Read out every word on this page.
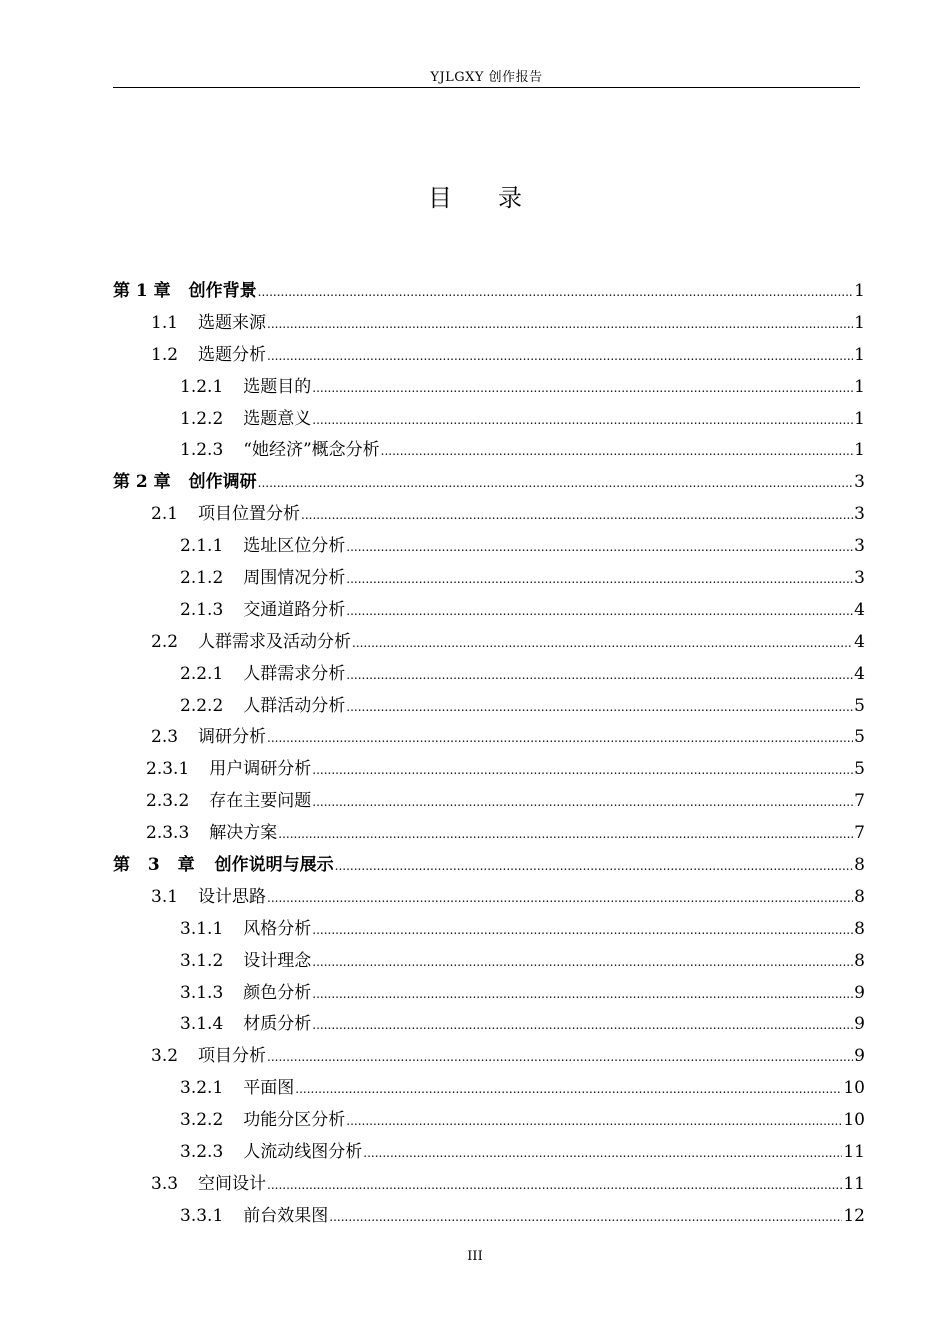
YJLGXY 创作报告
目录
第 1 章 创作背景 .....	1
1.1 选题来源 .....	1
1.2 选题分析 .....	1
1.2.1 选题目的 .....	1
1.2.2 选题意义 .....	1
1.2.3 “她经济”概念分析 .....	1
第 2 章 创作调研 .....	3
2.1 项目位置分析 .....	3
2.1.1 选址区位分析 .....	3
2.1.2 周围情况分析 .....	3
2.1.3 交通道路分析 .....	4
2.2 人群需求及活动分析 .....	4
2.2.1 人群需求分析 .....	4
2.2.2 人群活动分析 .....	5
2.3 调研分析 .....	5
2.3.1 用户调研分析 .....	5
2.3.2 存在主要问题 .....	7
2.3.3 解决方案 .....	7
第 3 章 创作说明与展示 .....	8
3.1 设计思路 .....	8
3.1.1 风格分析 .....	8
3.1.2 设计理念 .....	8
3.1.3 颜色分析 .....	9
3.1.4 材质分析 .....	9
3.2 项目分析 .....	9
3.2.1 平面图 .....	10
3.2.2 功能分区分析 .....	10
3.2.3 人流动线图分析 .....	11
3.3 空间设计 .....	11
3.3.1 前台效果图 .....	12
III
